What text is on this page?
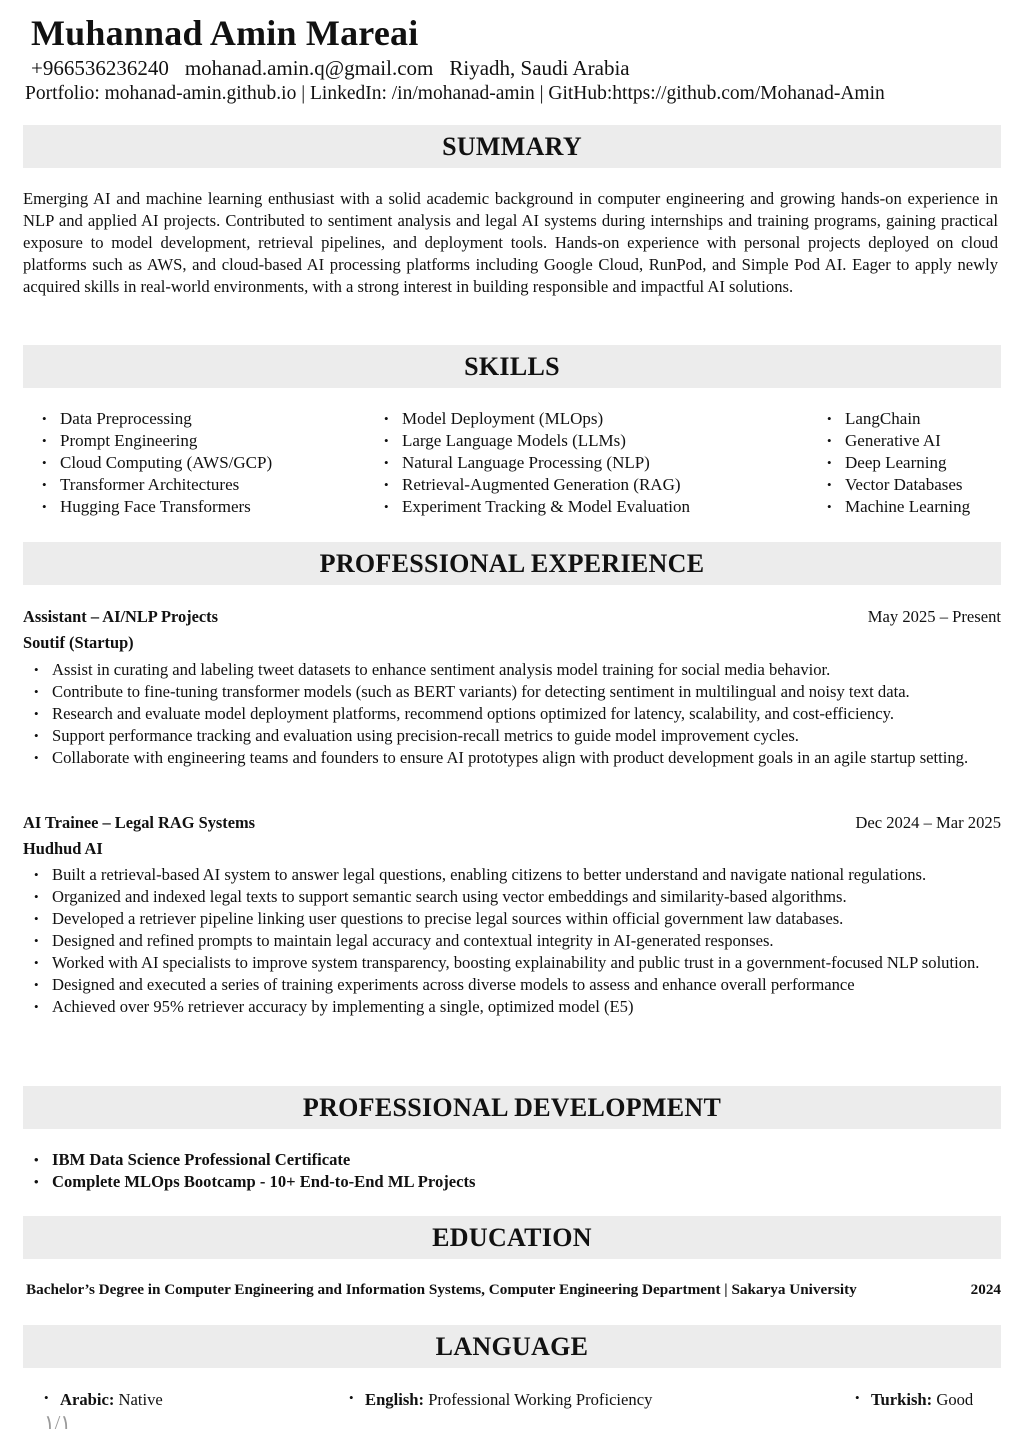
Muhannad Amin Mareai
+966536236240 mohanad.amin.q@gmail.com Riyadh, Saudi Arabia
Portfolio: mohanad-amin.github.io | LinkedIn: /in/mohanad-amin | GitHub:https://github.com/Mohanad-Amin
SUMMARY

Emerging AI and machine learning enthusiast with a solid academic background in computer engineering and growing hands-on experience in NLP and applied AI projects. Contributed to sentiment analysis and legal AI systems during internships and training programs, gaining practical exposure to model development, retrieval pipelines, and deployment tools. Hands-on experience with personal projects deployed on cloud platforms such as AWS, and cloud-based AI processing platforms including Google Cloud, RunPod, and Simple Pod AI. Eager to apply newly acquired skills in real-world environments, with a strong interest in building responsible and impactful AI solutions.

SKILLS
• Data Preprocessing
• Prompt Engineering
• Cloud Computing (AWS/GCP)
• Transformer Architectures
• Hugging Face Transformers
• Model Deployment (MLOps)
• Large Language Models (LLMs)
• Natural Language Processing (NLP)
• Retrieval-Augmented Generation (RAG)
• Experiment Tracking & Model Evaluation
• LangChain
• Generative AI
• Deep Learning
• Vector Databases
• Machine Learning
PROFESSIONAL EXPERIENCE
Assistant – AI/NLP Projects	May 2025 – Present
Soutif (Startup)
• Assist in curating and labeling tweet datasets to enhance sentiment analysis model training for social media behavior.
• Contribute to fine-tuning transformer models (such as BERT variants) for detecting sentiment in multilingual and noisy text data.
• Research and evaluate model deployment platforms, recommend options optimized for latency, scalability, and cost-efficiency.
• Support performance tracking and evaluation using precision-recall metrics to guide model improvement cycles.
• Collaborate with engineering teams and founders to ensure AI prototypes align with product development goals in an agile startup setting.
AI Trainee – Legal RAG Systems	Dec 2024 – Mar 2025
Hudhud AI
• Built a retrieval-based AI system to answer legal questions, enabling citizens to better understand and navigate national regulations.
• Organized and indexed legal texts to support semantic search using vector embeddings and similarity-based algorithms.
• Developed a retriever pipeline linking user questions to precise legal sources within official government law databases.
• Designed and refined prompts to maintain legal accuracy and contextual integrity in AI-generated responses.
• Worked with AI specialists to improve system transparency, boosting explainability and public trust in a government-focused NLP solution.
• Designed and executed a series of training experiments across diverse models to assess and enhance overall performance
• Achieved over 95% retriever accuracy by implementing a single, optimized model (E5)
PROFESSIONAL DEVELOPMENT
• IBM Data Science Professional Certificate
• Complete MLOps Bootcamp - 10+ End-to-End ML Projects
EDUCATION
Bachelor’s Degree in Computer Engineering and Information Systems, Computer Engineering Department | Sakarya University	2024
LANGUAGE
• Arabic: Native	• English: Professional Working Proficiency	• Turkish: Good
١/١
